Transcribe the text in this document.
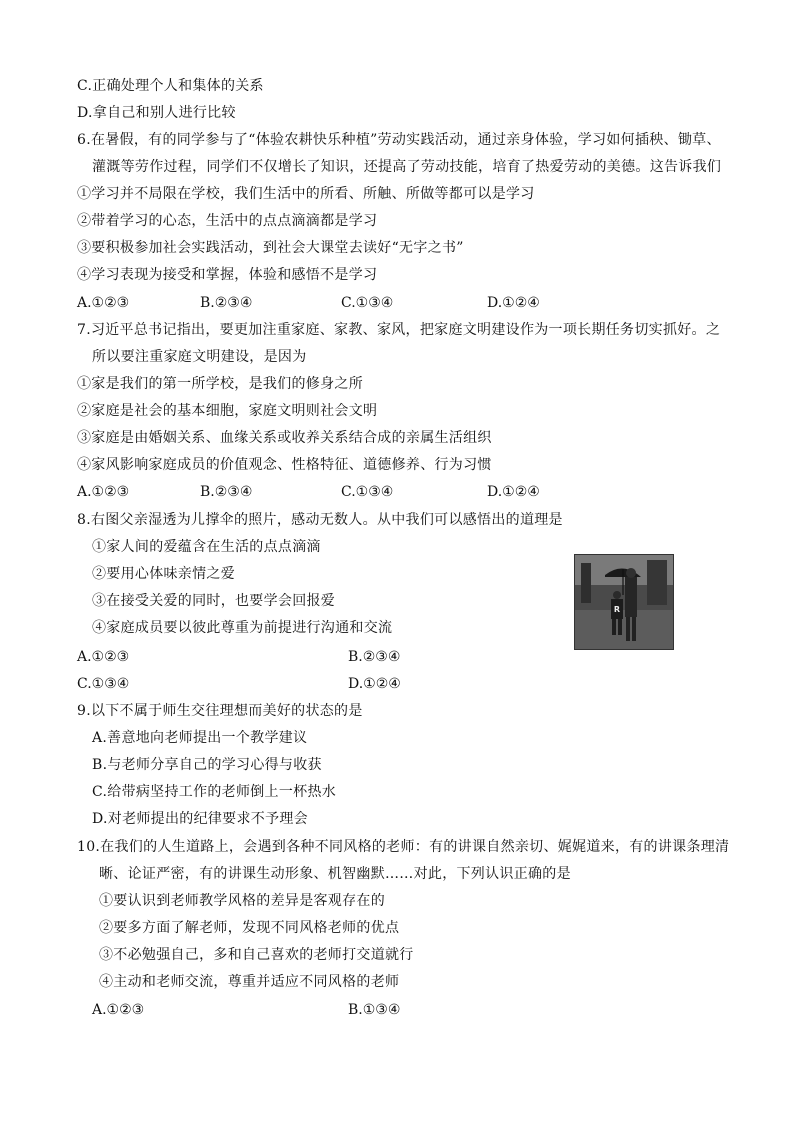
C.正确处理个人和集体的关系
D.拿自己和别人进行比较
6.在暑假，有的同学参与了“体验农耕快乐种植”劳动实践活动，通过亲身体验，学习如何插秧、锄草、
灌溉等劳作过程，同学们不仅增长了知识，还提高了劳动技能，培育了热爱劳动的美德。这告诉我们
①学习并不局限在学校，我们生活中的所看、所触、所做等都可以是学习
②带着学习的心态，生活中的点点滴滴都是学习
③要积极参加社会实践活动，到社会大课堂去读好“无字之书”
④学习表现为接受和掌握，体验和感悟不是学习
A.①②③	B.②③④	C.①③④	D.①②④
7.习近平总书记指出，要更加注重家庭、家教、家风，把家庭文明建设作为一项长期任务切实抓好。之
所以要注重家庭文明建设，是因为
①家是我们的第一所学校，是我们的修身之所
②家庭是社会的基本细胞，家庭文明则社会文明
③家庭是由婚姻关系、血缘关系或收养关系结合成的亲属生活组织
④家风影响家庭成员的价值观念、性格特征、道德修养、行为习惯
A.①②③	B.②③④	C.①③④	D.①②④
8.右图父亲湿透为儿撑伞的照片，感动无数人。从中我们可以感悟出的道理是
①家人间的爱蕴含在生活的点点滴滴
②要用心体味亲情之爱
③在接受关爱的同时，也要学会回报爱
④家庭成员要以彼此尊重为前提进行沟通和交流
A.①②③	B.②③④
C.①③④	D.①②④
R
9.以下不属于师生交往理想而美好的状态的是
A.善意地向老师提出一个教学建议
B.与老师分享自己的学习心得与收获
C.给带病坚持工作的老师倒上一杯热水
D.对老师提出的纪律要求不予理会
10.在我们的人生道路上，会遇到各种不同风格的老师：有的讲课自然亲切、娓娓道来，有的讲课条理清
晰、论证严密，有的讲课生动形象、机智幽默……对此，下列认识正确的是
①要认识到老师教学风格的差异是客观存在的
②要多方面了解老师，发现不同风格老师的优点
③不必勉强自己，多和自己喜欢的老师打交道就行
④主动和老师交流，尊重并适应不同风格的老师
A.①②③	B.①③④
